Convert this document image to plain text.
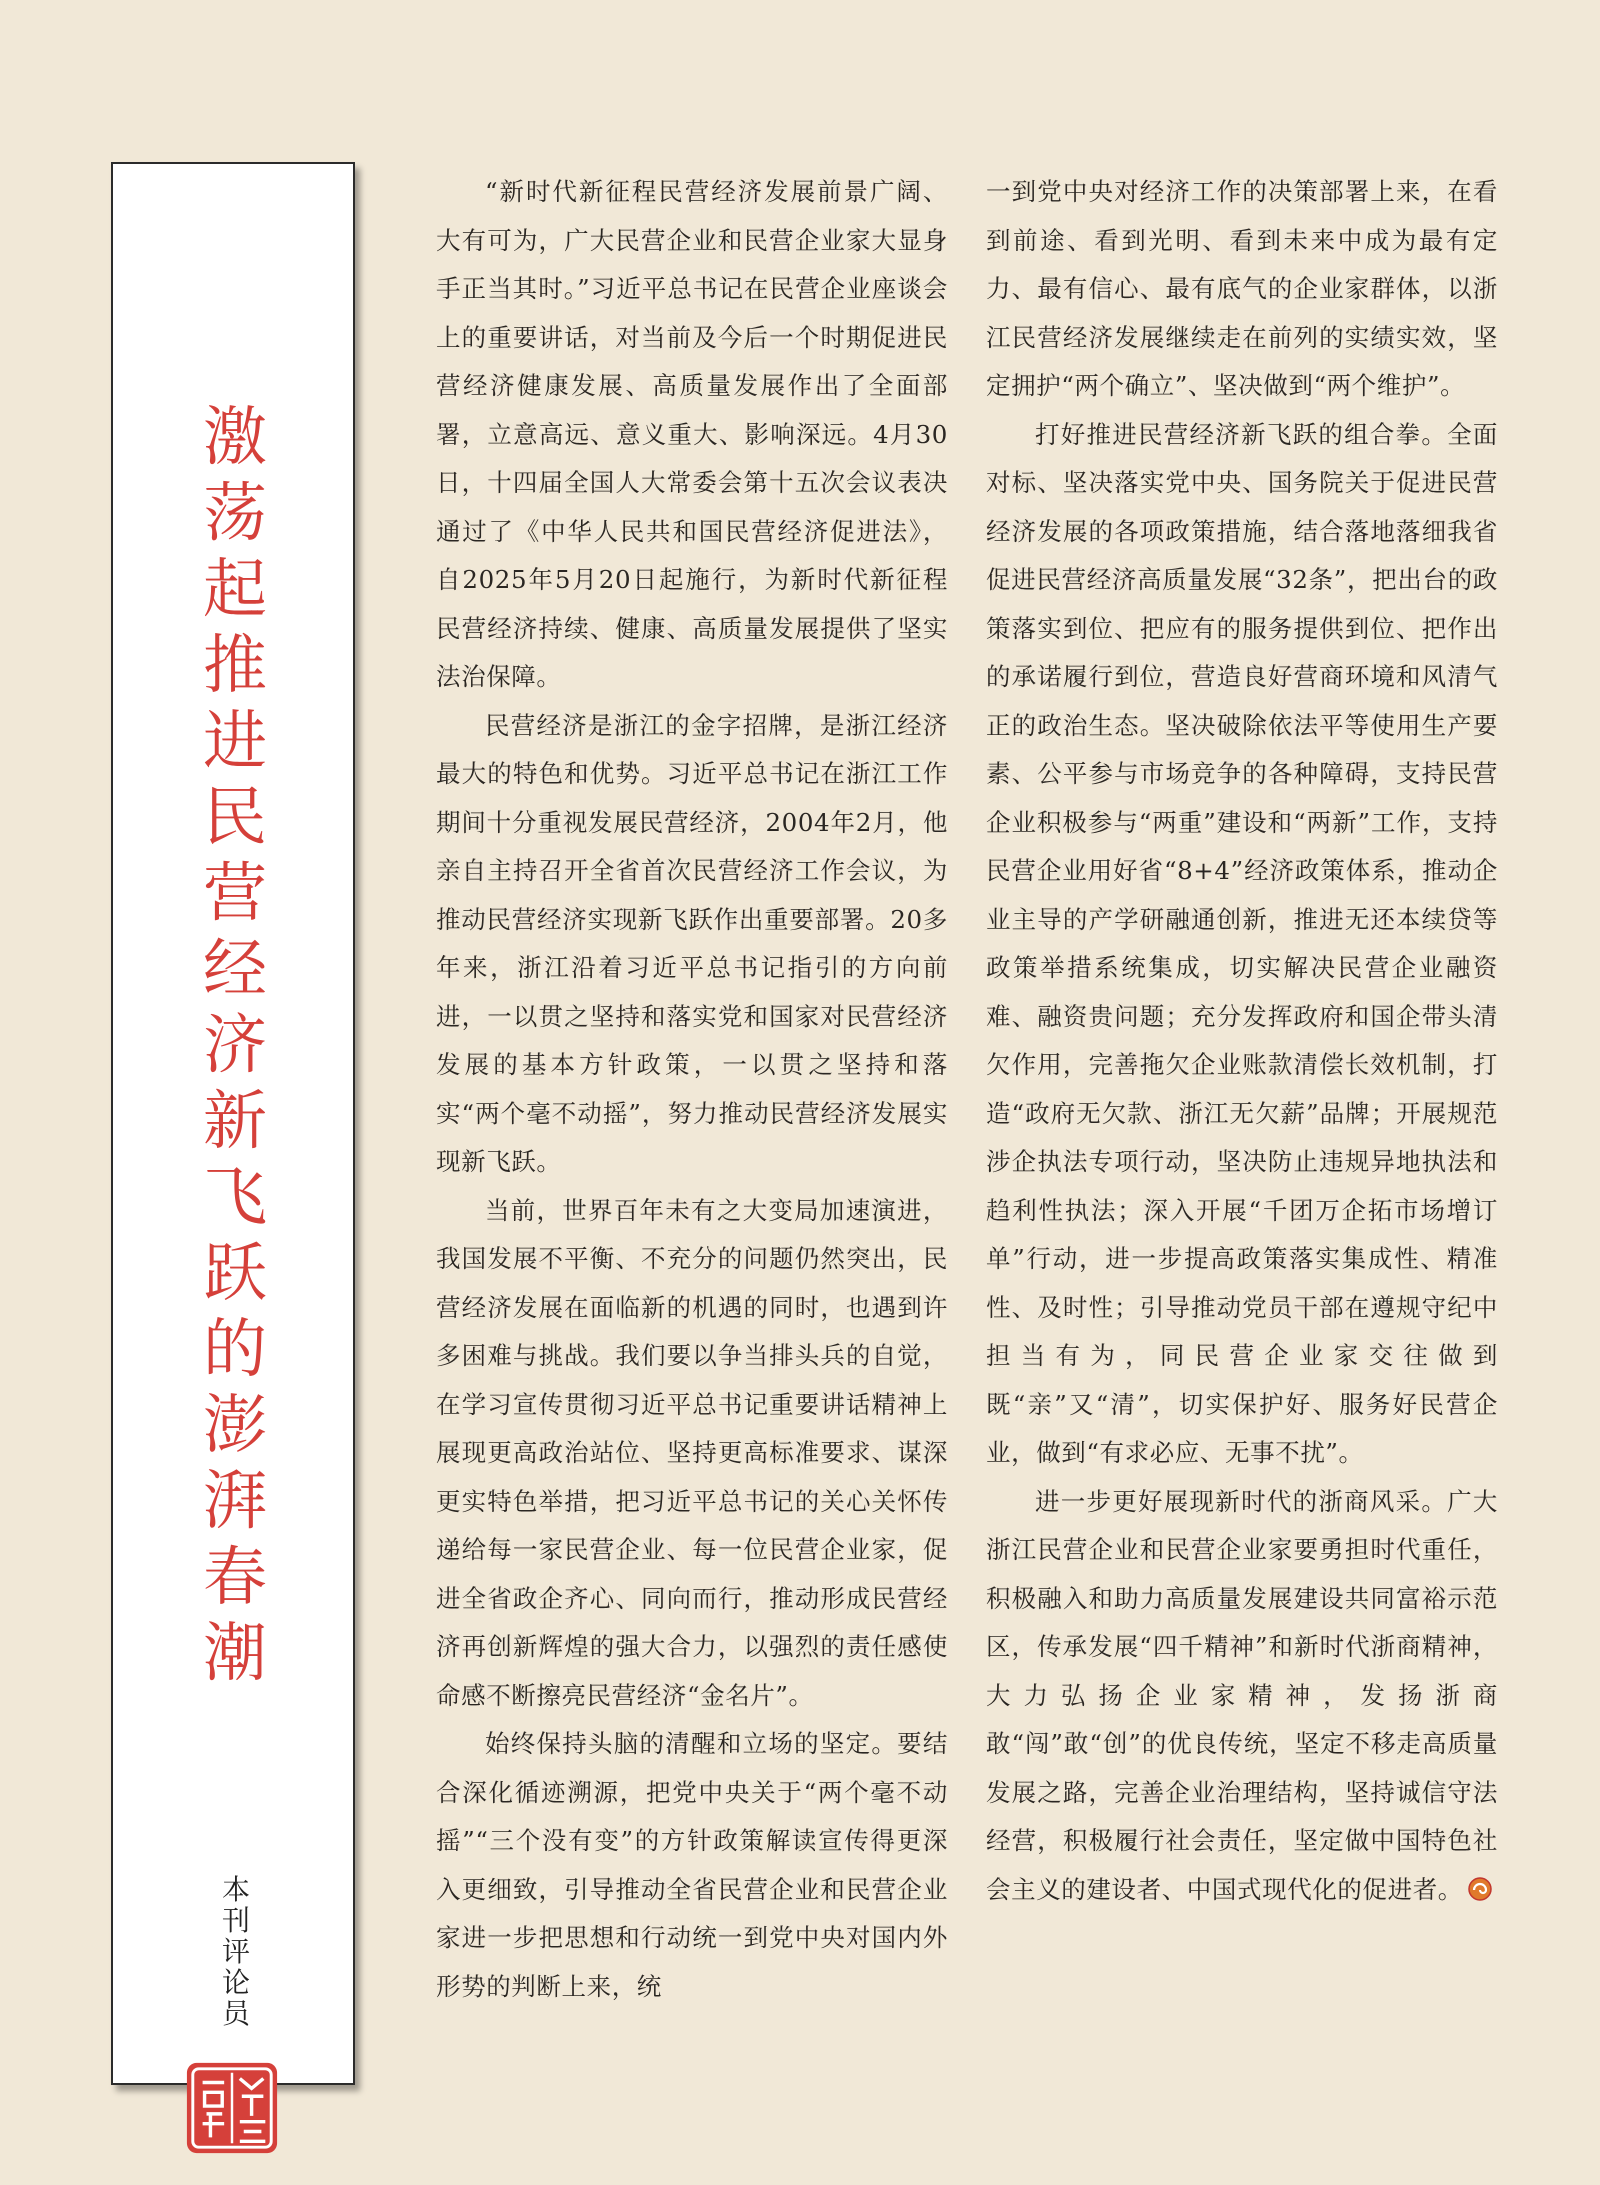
激荡起推进民营经济新飞跃的澎湃春潮
本刊评论员

“新时代新征程民营经济发展前景广阔、大有可为，广大民营企业和民营企业家大显身手正当其时。”习近平总书记在民营企业座谈会上的重要讲话，对当前及今后一个时期促进民营经济健康发展、高质量发展作出了全面部署，立意高远、意义重大、影响深远。4月30日，十四届全国人大常委会第十五次会议表决通过了《中华人民共和国民营经济促进法》，自2025年5月20日起施行，为新时代新征程民营经济持续、健康、高质量发展提供了坚实法治保障。

民营经济是浙江的金字招牌，是浙江经济最大的特色和优势。习近平总书记在浙江工作期间十分重视发展民营经济，2004年2月，他亲自主持召开全省首次民营经济工作会议，为推动民营经济实现新飞跃作出重要部署。20多年来，浙江沿着习近平总书记指引的方向前进，一以贯之坚持和落实党和国家对民营经济发展的基本方针政策，一以贯之坚持和落实“两个毫不动摇”，努力推动民营经济发展实现新飞跃。

当前，世界百年未有之大变局加速演进，我国发展不平衡、不充分的问题仍然突出，民营经济发展在面临新的机遇的同时，也遇到许多困难与挑战。我们要以争当排头兵的自觉，在学习宣传贯彻习近平总书记重要讲话精神上展现更高政治站位、坚持更高标准要求、谋深更实特色举措，把习近平总书记的关心关怀传递给每一家民营企业、每一位民营企业家，促进全省政企齐心、同向而行，推动形成民营经济再创新辉煌的强大合力，以强烈的责任感使命感不断擦亮民营经济“金名片”。

始终保持头脑的清醒和立场的坚定。要结合深化循迹溯源，把党中央关于“两个毫不动摇”“三个没有变”的方针政策解读宣传得更深入更细致，引导推动全省民营企业和民营企业家进一步把思想和行动统一到党中央对国内外形势的判断上来，统

一到党中央对经济工作的决策部署上来，在看到前途、看到光明、看到未来中成为最有定力、最有信心、最有底气的企业家群体，以浙江民营经济发展继续走在前列的实绩实效，坚定拥护“两个确立”、坚决做到“两个维护”。

打好推进民营经济新飞跃的组合拳。全面对标、坚决落实党中央、国务院关于促进民营经济发展的各项政策措施，结合落地落细我省促进民营经济高质量发展“32条”，把出台的政策落实到位、把应有的服务提供到位、把作出的承诺履行到位，营造良好营商环境和风清气正的政治生态。坚决破除依法平等使用生产要素、公平参与市场竞争的各种障碍，支持民营企业积极参与“两重”建设和“两新”工作，支持民营企业用好省“8+4”经济政策体系，推动企业主导的产学研融通创新，推进无还本续贷等政策举措系统集成，切实解决民营企业融资难、融资贵问题；充分发挥政府和国企带头清欠作用，完善拖欠企业账款清偿长效机制，打造“政府无欠款、浙江无欠薪”品牌；开展规范涉企执法专项行动，坚决防止违规异地执法和趋利性执法；深入开展“千团万企拓市场增订单”行动，进一步提高政策落实集成性、精准性、及时性；引导推动党员干部在遵规守纪中担当有为，同民营企业家交往做到既“亲”又“清”，切实保护好、服务好民营企业，做到“有求必应、无事不扰”。

进一步更好展现新时代的浙商风采。广大浙江民营企业和民营企业家要勇担时代重任，积极融入和助力高质量发展建设共同富裕示范区，传承发展“四千精神”和新时代浙商精神，大力弘扬企业家精神，发扬浙商敢“闯”敢“创”的优良传统，坚定不移走高质量发展之路，完善企业治理结构，坚持诚信守法经营，积极履行社会责任，坚定做中国特色社会主义的建设者、中国式现代化的促进者。
